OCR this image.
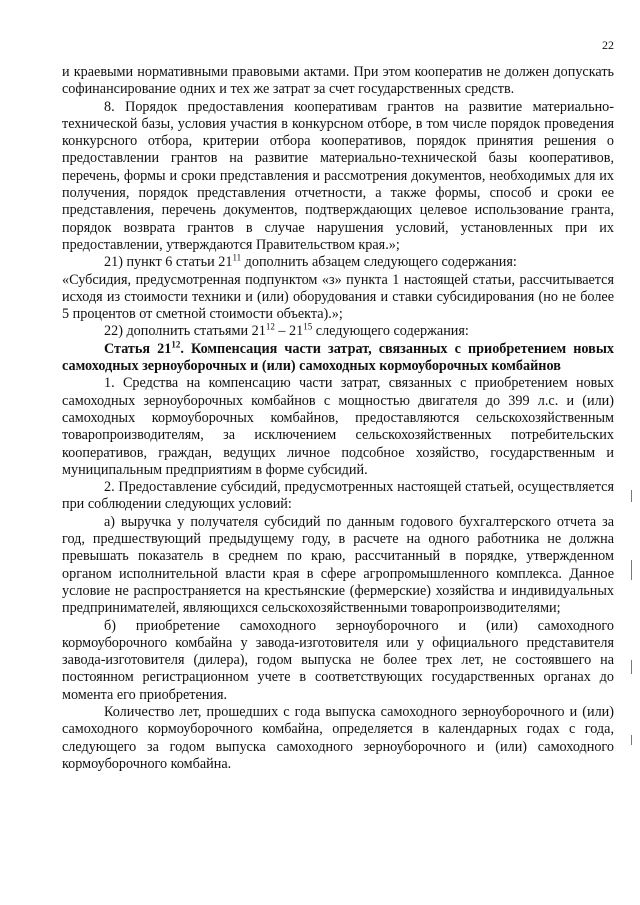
22

и краевыми нормативными правовыми актами. При этом кооператив не должен допускать софинансирование одних и тех же затрат за счет государственных средств.

8. Порядок предоставления кооперативам грантов на развитие материально-технической базы, условия участия в конкурсном отборе, в том числе порядок проведения конкурсного отбора, критерии отбора кооперативов, порядок принятия решения о предоставлении грантов на развитие материально-технической базы кооперативов, перечень, формы и сроки представления и рассмотрения документов, необходимых для их получения, порядок представления отчетности, а также формы, способ и сроки ее представления, перечень документов, подтверждающих целевое использование гранта, порядок возврата грантов в случае нарушения условий, установленных при их предоставлении, утверждаются Правительством края.»;

21) пункт 6 статьи $21^{11}$ дополнить абзацем следующего содержания:

«Субсидия, предусмотренная подпунктом «з» пункта 1 настоящей статьи, рассчитывается исходя из стоимости техники и (или) оборудования и ставки субсидирования (но не более 5 процентов от сметной стоимости объекта).»;

22) дополнить статьями $21^{12} - 21^{15}$ следующего содержания:

Статья $21^{12}$. Компенсация части затрат, связанных с приобретением новых самоходных зерноуборочных и (или) самоходных кормоуборочных комбайнов

1. Средства на компенсацию части затрат, связанных с приобретением новых самоходных зерноуборочных комбайнов с мощностью двигателя до 399 л.с. и (или) самоходных кормоуборочных комбайнов, предоставляются сельскохозяйственным товаропроизводителям, за исключением сельскохозяйственных потребительских кооперативов, граждан, ведущих личное подсобное хозяйство, государственным и муниципальным предприятиям в форме субсидий.

2. Предоставление субсидий, предусмотренных настоящей статьей, осуществляется при соблюдении следующих условий:

а) выручка у получателя субсидий по данным годового бухгалтерского отчета за год, предшествующий предыдущему году, в расчете на одного работника не должна превышать показатель в среднем по краю, рассчитанный в порядке, утвержденном органом исполнительной власти края в сфере агропромышленного комплекса. Данное условие не распространяется на крестьянские (фермерские) хозяйства и индивидуальных предпринимателей, являющихся сельскохозяйственными товаропроизводителями;

б) приобретение самоходного зерноуборочного и (или) самоходного кормоуборочного комбайна у завода-изготовителя или у официального представителя завода-изготовителя (дилера), годом выпуска не более трех лет, не состоявшего на постоянном регистрационном учете в соответствующих государственных органах до момента его приобретения.

Количество лет, прошедших с года выпуска самоходного зерноуборочного и (или) самоходного кормоуборочного комбайна, определяется в календарных годах с года, следующего за годом выпуска самоходного зерноуборочного и (или) самоходного кормоуборочного комбайна.
